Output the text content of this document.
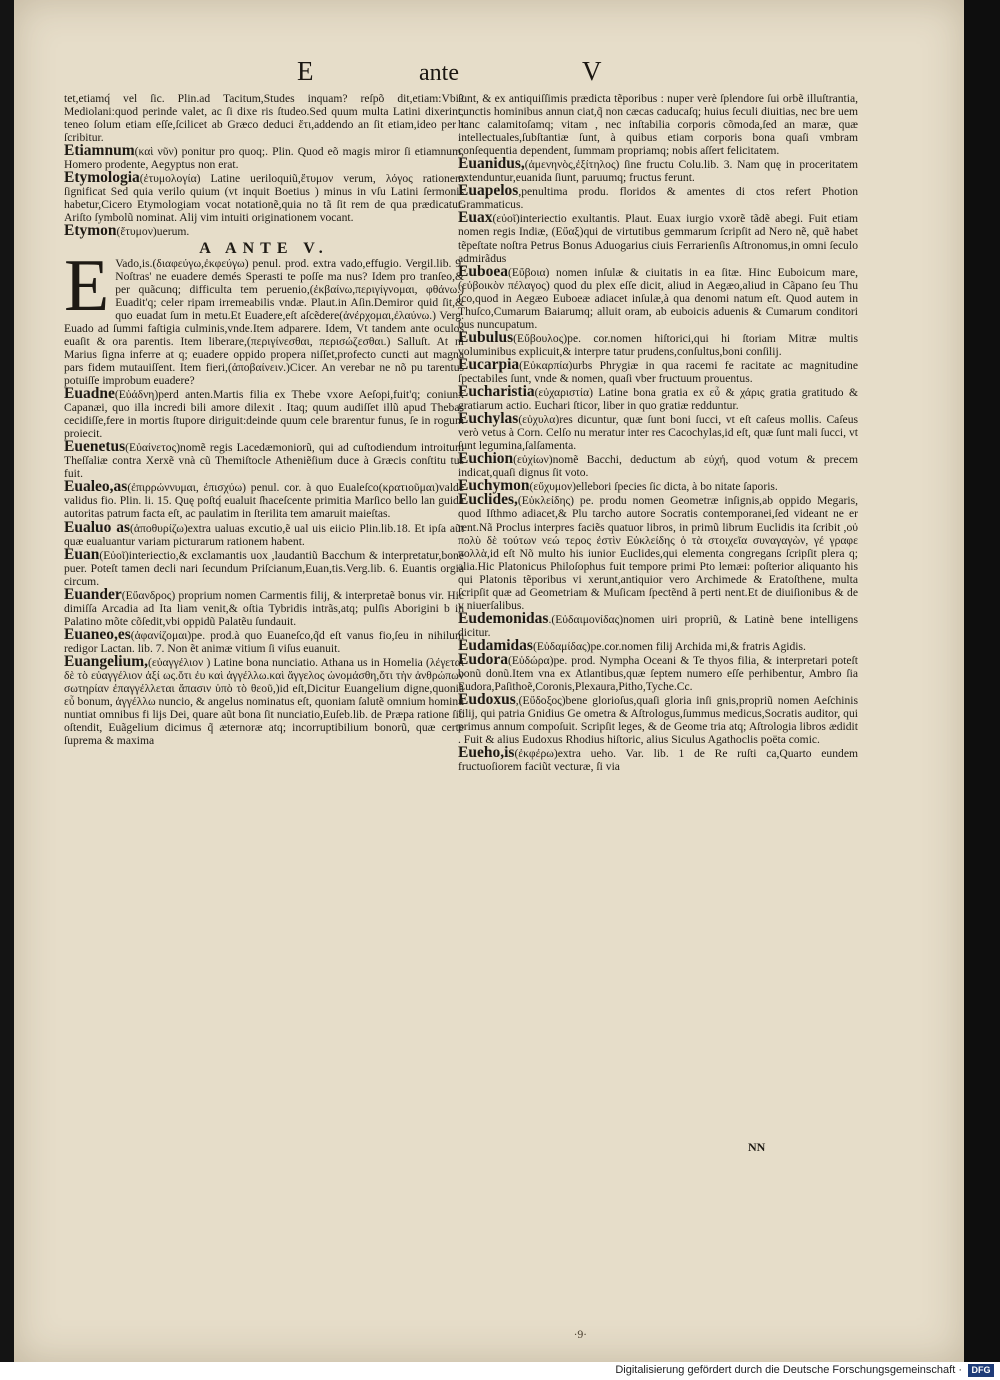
E	ante	V

tet,etiamq́ vel ſic. Plin.ad Tacitum,Studes inquam? reſpõ dit,etiam:Vbi? Mediolani:quod perinde valet, ac ſi dixe ris ſtudeo.Sed quum multa Latini dixerint, teneo ſolum etiam eſſe,ſcilicet ab Græco deduci ἔτι,addendo an ſit etiam,ideo per t ſcribitur.

Etiamnum(καὶ νῦν) ponitur pro quoq;. Plin. Quod eõ magis miror ſi etiamnum, Homero prodente, Aegyptus non erat.

Etymologia(ἐτυμολογία) Latine ueriloquiũ,ἔτυμον verum, λόγος rationem ſignificat Sed quia verilo quium (vt inquit Boetius ) minus in vſu Latini ſermonis habetur,Cicero Etymologiam vocat notationẽ,quia no tã ſit rem de qua prædicatur. Ariſto ſymbolũ nominat. Alij vim intuiti originationem vocant.

Etymon(ἔτυμον)uerum.

A ANTE V.

E Vado,is.(διαφεύγω,ἐκφεύγω) penul. prod. extra vado,effugio. Vergil.lib. 9. Noſtras' ne euadere demés Sperasti te poſſe ma nus? Idem pro tranſeo,& per quãcunq; difficulta tem peruenio,(ἐκβαίνω,περιγίγνομαι, φθάνω.) Euadit'q; celer ripam irremeabilis vndæ. Plaut.in Aſin.Demiror quid ſit,& quo euadat ſum in metu.Et Euadere,eſt aſcẽdere(ἀνέρχομαι,ἐλαύνω.) Verg. Euado ad ſummi faſtigia culminis,vnde.Item adparere. Idem, Vt tandem ante oculos euaſit & ora parentis. Item liberare,(περιγίνεσθαι, περισώζεσθαι.) Salluſt. At ni Marius ſigna inferre at q; euadere oppido propera niſſet,profecto cuncti aut magna pars fidem mutauiſſent. Item fieri,(ἀποβαίνειν.)Cicer. An verebar ne nõ pu tarentus potuiſſe improbum euadere?

Euadne(Εὐάδνη)perd anten.Martis filia ex Thebe vxore Aeſopi,fuit'q; coniunx Capanæi, quo illa incredi bili amore dilexit . Itaq; quum audiſſet illũ apud Thebas cecidiſſe,fere in mortis ſtupore diriguit:deinde quum cele brarentur funus, ſe in rogum proiecit.

Euenetus(Εὐαίνετος)nomẽ regis Lacedæmoniorũ, qui ad cuſtodiendum introitum Theſſaliæ contra Xerxẽ vnà cũ Themiſtocle Atheniẽſium duce à Græcis conſtitu tus fuit.

Eualeo,as(ἐπιρρώννυμαι, ἐπισχύω) penul. cor. à quo Eualeſco(κρατιοῦμαι)valde validus fio. Plin. li. 15. Quę poſtq́ eualuit ſhaceſcente primitia Marſico bello lan guida autoritas patrum facta eſt, ac paulatim in ſterilita tem amaruit maieſtas.

Eualuo as(ἀποθυρίζω)extra ualuas excutio,ẽ ual uis eiicio Plin.lib.18. Et ipſa aũt quæ eualuantur variam picturarum rationem habent.

Euan(Εὐοῖ)interiectio,& exclamantis uox ,laudantiũ Bacchum & interpretatur,bone puer. Poteſt tamen decli nari ſecundum Priſcianum,Euan,tis.Verg.lib. 6. Euantis orgia circum.

Euander(Εὔανδρος) proprium nomen Carmentis filij, & interpretaẽ bonus vir. Hic dimiſſa Arcadia ad Ita liam venit,& oſtia Tybridis intrãs,atq; pulſis Aborigini b in Palatino mõte cõſedit,vbi oppidũ Palatẽu ſundauit.

Euaneo,es(ἀφανίζομαι)pe. prod.à quo Euaneſco,q̃d eſt vanus fio,ſeu in nihilum redigor Lactan. lib. 7. Non ẽt animæ vitium ſi viſus euanuit.

Euangelium,(εὐαγγέλιον ) Latine bona nunciatio. Athana us in Homelia (λέγεται δὲ τὸ εὐαγγέλιον ἀξί ως.ὅτι ἐυ καὶ ἀγγέλλω.καὶ ἄγγελος ὠνομάσθη,ὅτι τὴν ἀνθρώπων σωτηρίαν ἐπαγγέλλεται ἅπασιν ὑπὸ τὸ θεοῦ,)id eſt,Dicitur Euangelium digne,quoniã εὖ bonum, ἀγγέλλω nuncio, & angelus nominatus eſt, quoniam ſalutẽ omnium hominũ nuntiat omnibus fi lijs Dei, quare aũt bona ſit nunciatio,Euſeb.lib. de Præpa ratione ſic oſtendit, Euãgelium dicimus q̃ æternoræ atq; incorruptibilium bonorũ, quæ certe ſuprema & maxima

ſunt, & ex antiquiſſimis prædicta tẽporibus : nuper verè ſplendore ſui orbẽ illuſtrantia, cunctis hominibus annun ciat,q̃ non cæcas caducaſq; huius ſeculi diuitias, nec bre uem hanc calamitoſamq; vitam , nec inſtabilia corporis cõmoda,ſed an maræ, quæ intellectuales,ſubſtantiæ ſunt, à quibus etiam corporis bona quaſi vmbram conſequentia dependent, ſummam propriamq; nobis aſſert felicitatem.

Euanidus,(ἀμενηνὸς,ἐξίτηλος) ſine fructu Colu.lib. 3. Nam quę in proceritatem extenduntur,euanida ſiunt, paruumq; fructus ferunt.

Euapelos,penultima produ. floridos & amentes di ctos refert Photion Grammaticus.

Euax(εὐοῖ)interiectio exultantis. Plaut. Euax iurgio vxorẽ tãdẽ abegi. Fuit etiam nomen regis Indiæ, (Εὔαξ)qui de virtutibus gemmarum ſcripſit ad Nero nẽ, quẽ habet tẽpeſtate noſtra Petrus Bonus Aduogarius ciuis Ferrarienſis Aſtronomus,in omni ſeculo admirãdus

Euboea(Εὔβοια) nomen inſulæ & ciuitatis in ea ſitæ. Hinc Euboicum mare, (εὐβοικὸν πέλαγος) quod du plex eſſe dicit, aliud in Aegæo,aliud in Cãpano ſeu Thu ſco,quod in Aegæo Euboeæ adiacet inſulæ,à qua denomi natum eſt. Quod autem in Thuſco,Cumarum Baiarumq; alluit oram, ab euboicis aduenis & Cumarum conditori bus nuncupatum.

Eubulus(Εὔβουλος)pe. cor.nomen hiſtorici,qui hi ſtoriam Mitræ multis voluminibus explicuit,& interpre tatur prudens,conſultus,boni conſilij.

Eucarpia(Εὐκαρπία)urbs Phrygiæ in qua racemi fe racitate ac magnitudine ſpectabiles ſunt, vnde & nomen, quaſi vber fructuum prouentus.

Eucharistia(εὐχαριστία) Latine bona gratia ex εὖ & χάρις gratia gratitudo & gratiarum actio. Euchari ſticor, liber in quo gratiæ redduntur.

Euchylas(εὐχυλα)res dicuntur, quæ ſunt boni ſucci, vt eſt caſeus mollis. Caſeus verò vetus à Corn. Celſo nu meratur inter res Cacochylas,id eſt, quæ ſunt mali ſucci, vt ſunt legumina,ſalſamenta.

Euchion(εὐχίων)nomẽ Bacchi, deductum ab εὐχή, quod votum & precem indicat,quaſi dignus ſit voto.

Euchymon(εὔχυμον)ellebori ſpecies ſic dicta, à bo nitate ſaporis.

Euclides,(Εὐκλείδης) pe. produ nomen Geometræ inſignis,ab oppido Megaris, quod Iſthmo adiacet,& Plu tarcho autore Socratis contemporanei,ſed videant ne er rent.Nã Proclus interpres faciẽs quatuor libros, in primũ librum Euclidis ita ſcribit ,οὐ πολὺ δὲ τούτων νεώ τερος ἐστὶν Εὐκλείδης ὁ τὰ στοιχεῖα συναγαγὼν, γέ γραφε πολλὰ,id eſt Nõ multo his iunior Euclides,qui elementa congregans ſcripſit plera q; alia.Hic Platonicus Philoſophus fuit tempore primi Pto lemæi: poſterior aliquanto his qui Platonis tẽporibus vi xerunt,antiquior vero Archimede & Eratoſthene, multa ſcripſit quæ ad Geometriam & Muſicam ſpectẽnd ã perti nent.Et de diuiſionibus & de v niuerſalibus.

Eudemonidas.(Εὐδαιμονίδας)nomen uiri propriũ, & Latinè bene intelligens dicitur.

Eudamidas(Εὐδαμίδας)pe.cor.nomen filij Archida mi,& fratris Agidis.

Eudora(Εὐδώρα)pe. prod. Nympha Oceani & Te thyos filia, & interpretari poteſt bonũ donũ.Item vna ex Atlantibus,quæ ſeptem numero eſſe perhibentur, Ambro ſia Eudora,Paſithoẽ,Coronis,Plexaura,Pitho,Tyche.Cc.

Eudoxus,(Εὔδοξος)bene glorioſus,quaſi gloria inſi gnis,propriũ nomen Aeſchinis filij, qui patria Gnidius Ge ometra & Aſtrologus,ſummus medicus,Socratis auditor, qui primus annum compoſuit. Scripſit leges, & de Geome tria atq; Aſtrologia libros ædidit . Fuit & alius Eudoxus Rhodius hiſtoric, alius Siculus Agathoclis poëta comic.

Eueho,is(ἐκφέρω)extra ueho. Var. lib. 1 de Re ruſti ca,Quarto eundem fructuoſiorem faciũt vecturæ, ſi via

NN
·9·
Digitalisierung gefördert durch die Deutsche Forschungsgemeinschaft ·	DFG
